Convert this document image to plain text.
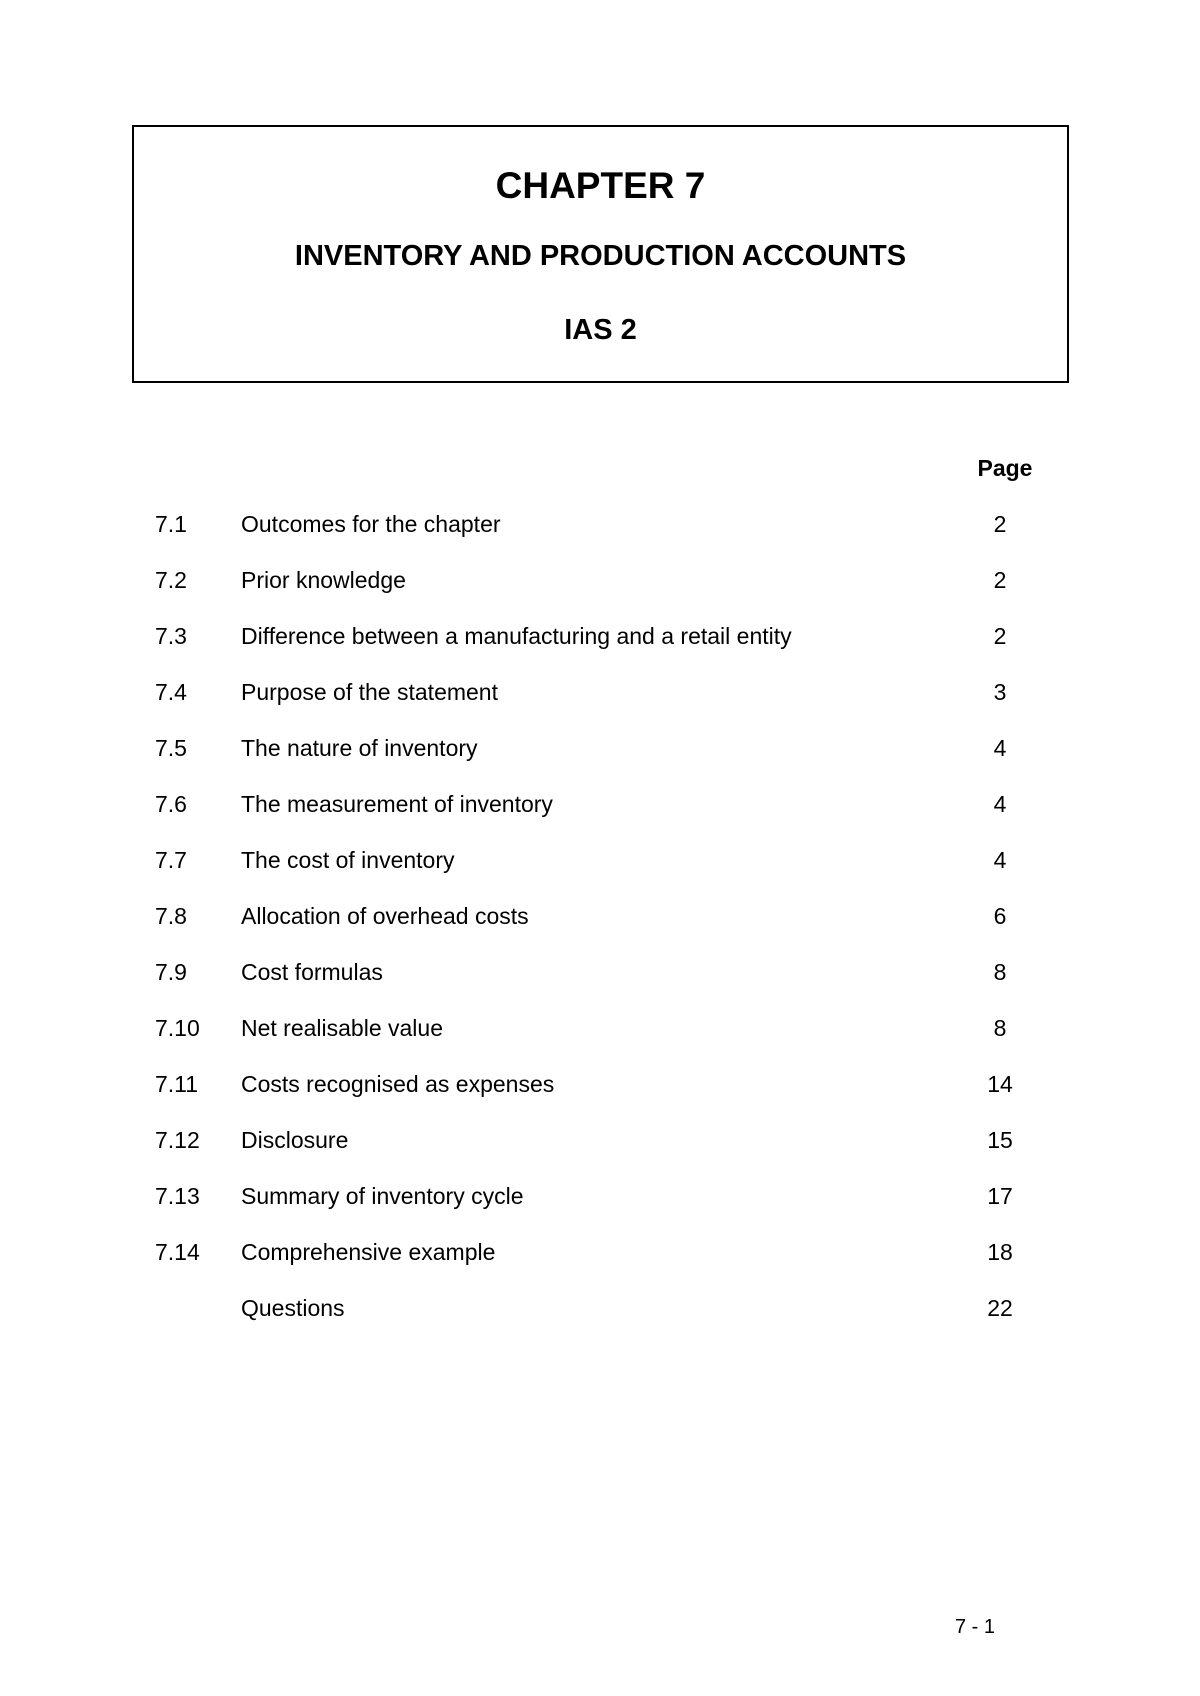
CHAPTER 7
INVENTORY AND PRODUCTION ACCOUNTS
IAS 2
Page
7.1 Outcomes for the chapter	2
7.2 Prior knowledge	2
7.3 Difference between a manufacturing and a retail entity	2
7.4 Purpose of the statement	3
7.5 The nature of inventory	4
7.6 The measurement of inventory	4
7.7 The cost of inventory	4
7.8 Allocation of overhead costs	6
7.9 Cost formulas	8
7.10 Net realisable value	8
7.11 Costs recognised as expenses	14
7.12 Disclosure	15
7.13 Summary of inventory cycle	17
7.14 Comprehensive example	18
Questions	22
7 - 1
